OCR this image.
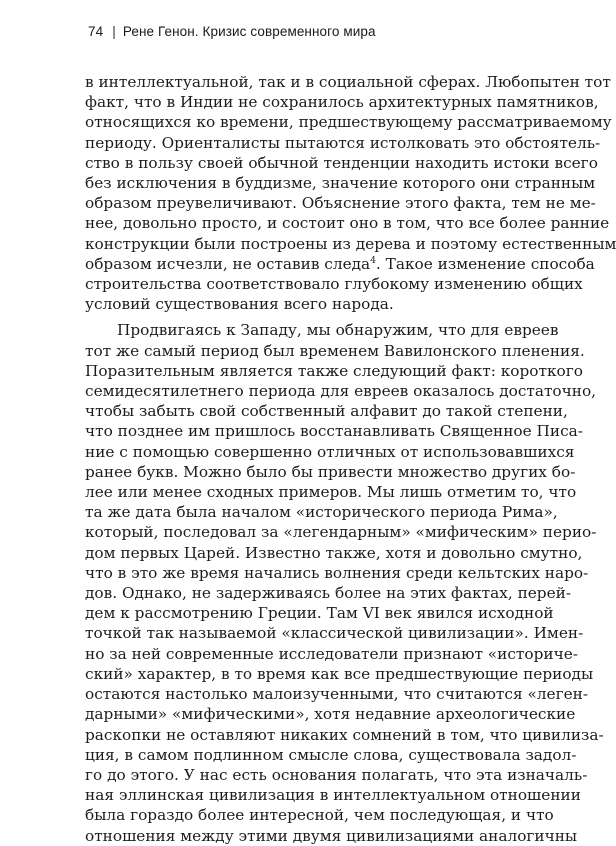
74 | Рене Генон. Кризис современного мира
в интеллектуальной, так и в социальной сферах. Любопытен тот
факт, что в Индии не сохранилось архитектурных памятников,
относящихся ко времени, предшествующему рассматриваемому
периоду. Ориенталисты пытаются истолковать это обстоятель-
ство в пользу своей обычной тенденции находить истоки всего
без исключения в буддизме, значение которого они странным
образом преувеличивают. Объяснение этого факта, тем не ме-
нее, довольно просто, и состоит оно в том, что все более ранние
конструкции были построены из дерева и поэтому естественным
образом исчезли, не оставив следа$^4$. Такое изменение способа
строительства соответствовало глубокому изменению общих
условий существования всего народа.
Продвигаясь к Западу, мы обнаружим, что для евреев
тот же самый период был временем Вавилонского пленения.
Поразительным является также следующий факт: короткого
семидесятилетнего периода для евреев оказалось достаточно,
чтобы забыть свой собственный алфавит до такой степени,
что позднее им пришлось восстанавливать Священное Писа-
ние с помощью совершенно отличных от использовавшихся
ранее букв. Можно было бы привести множество других бо-
лее или менее сходных примеров. Мы лишь отметим то, что
та же дата была началом «исторического периода Рима»,
который, последовал за «легендарным» «мифическим» перио-
дом первых Царей. Известно также, хотя и довольно смутно,
что в это же время начались волнения среди кельтских наро-
дов. Однако, не задерживаясь более на этих фактах, перей-
дем к рассмотрению Греции. Там VI век явился исходной
точкой так называемой «классической цивилизации». Имен-
но за ней современные исследователи признают «историче-
ский» характер, в то время как все предшествующие периоды
остаются настолько малоизученными, что считаются «леген-
дарными» «мифическими», хотя недавние археологические
раскопки не оставляют никаких сомнений в том, что цивилиза-
ция, в самом подлинном смысле слова, существовала задол-
го до этого. У нас есть основания полагать, что эта изначаль-
ная эллинская цивилизация в интеллектуальном отношении
была гораздо более интересной, чем последующая, и что
отношения между этими двумя цивилизациями аналогичны
